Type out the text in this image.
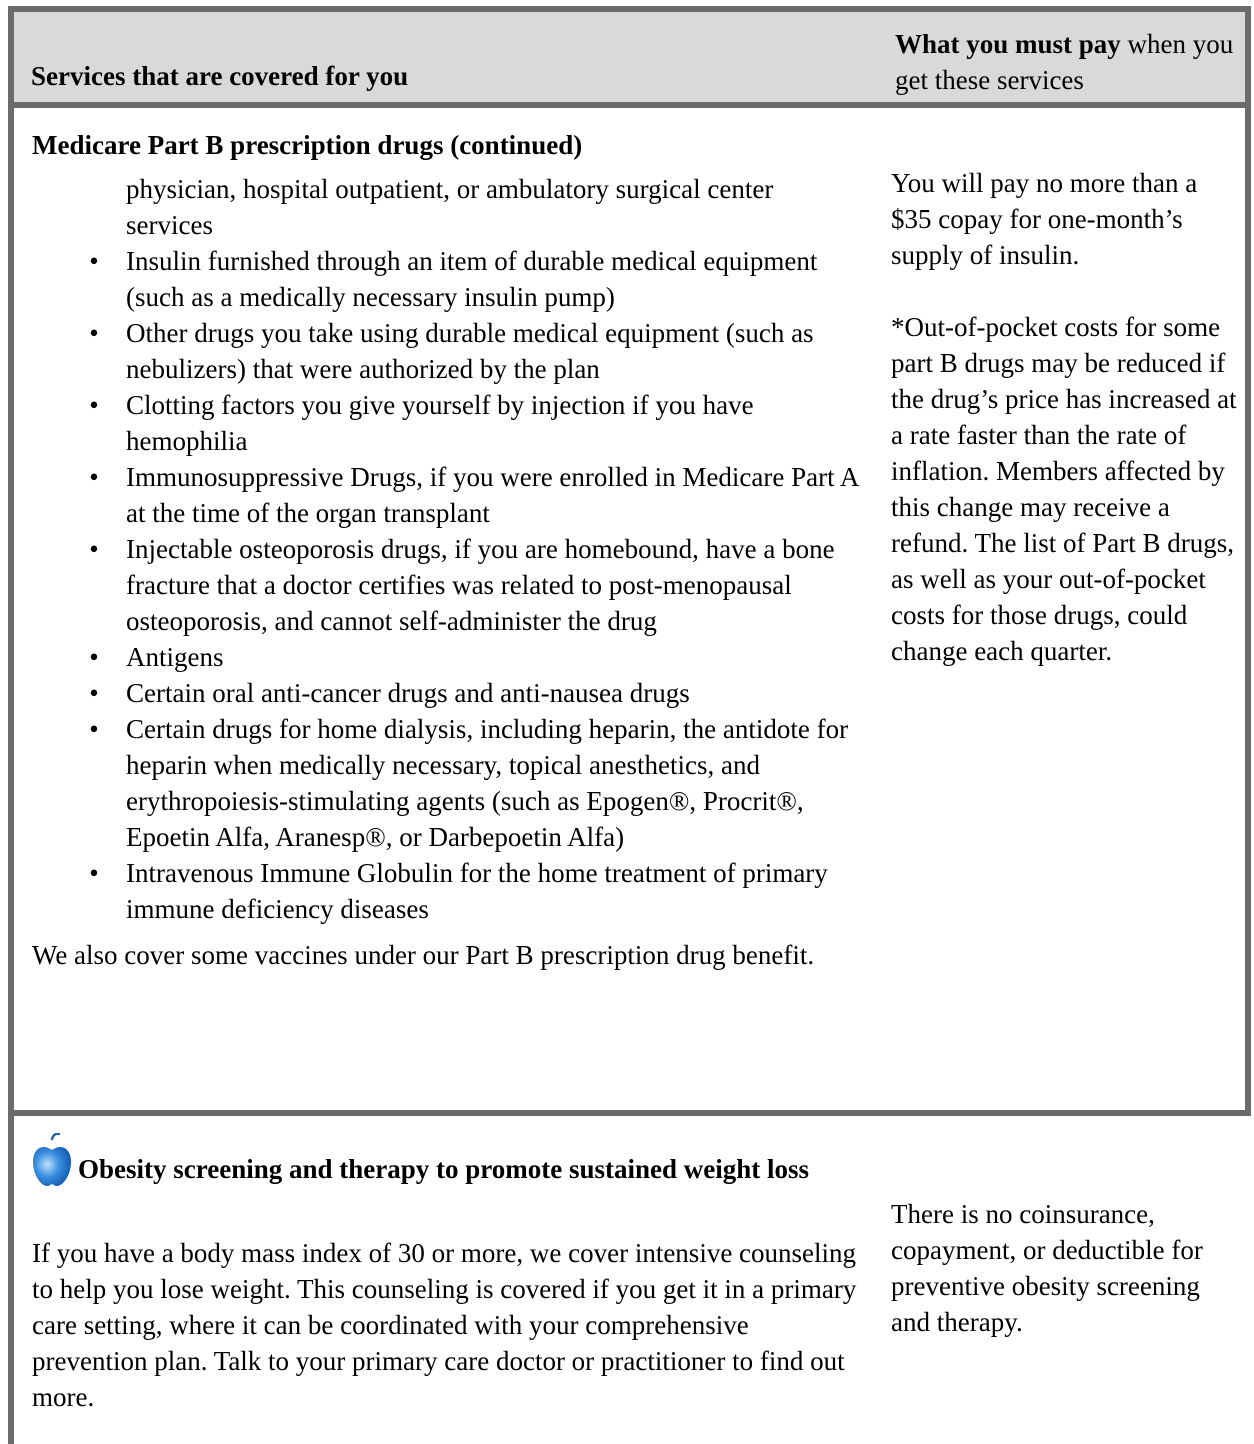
Services that are covered for you
What you must pay when you get these services
Medicare Part B prescription drugs (continued)

physician, hospital outpatient, or ambulatory surgical center services

• Insulin furnished through an item of durable medical equipment (such as a medically necessary insulin pump)
• Other drugs you take using durable medical equipment (such as nebulizers) that were authorized by the plan
• Clotting factors you give yourself by injection if you have hemophilia
• Immunosuppressive Drugs, if you were enrolled in Medicare Part A at the time of the organ transplant
• Injectable osteoporosis drugs, if you are homebound, have a bone fracture that a doctor certifies was related to post-menopausal osteoporosis, and cannot self-administer the drug
• Antigens
• Certain oral anti-cancer drugs and anti-nausea drugs
• Certain drugs for home dialysis, including heparin, the antidote for heparin when medically necessary, topical anesthetics, and erythropoiesis-stimulating agents (such as Epogen®, Procrit®, Epoetin Alfa, Aranesp®, or Darbepoetin Alfa)
• Intravenous Immune Globulin for the home treatment of primary immune deficiency diseases

We also cover some vaccines under our Part B prescription drug benefit.

You will pay no more than a $35 copay for one-month’s supply of insulin.

*Out-of-pocket costs for some part B drugs may be reduced if the drug’s price has increased at a rate faster than the rate of inflation. Members affected by this change may receive a refund. The list of Part B drugs, as well as your out-of-pocket costs for those drugs, could change each quarter.

Obesity screening and therapy to promote sustained weight loss
If you have a body mass index of 30 or more, we cover intensive counseling to help you lose weight. This counseling is covered if you get it in a primary care setting, where it can be coordinated with your comprehensive prevention plan. Talk to your primary care doctor or practitioner to find out more.
There is no coinsurance, copayment, or deductible for preventive obesity screening and therapy.
